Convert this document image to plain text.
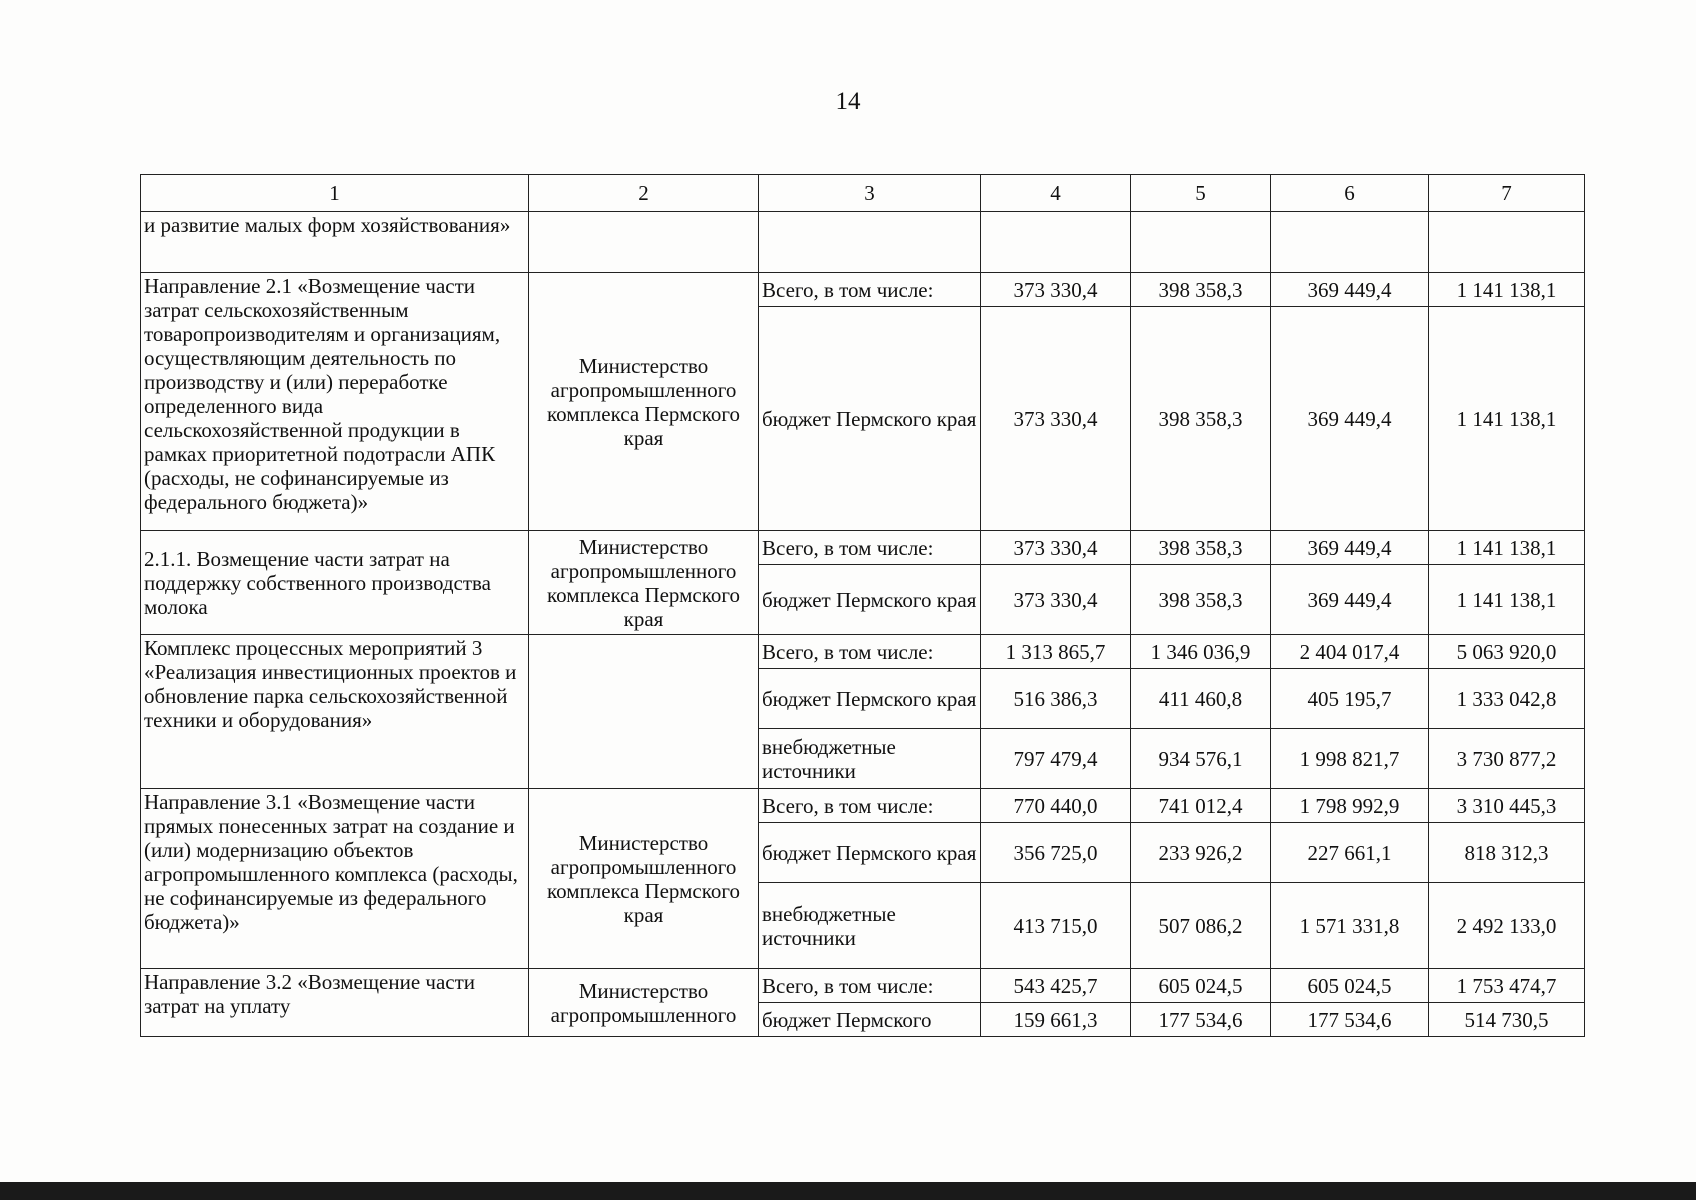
14
1	2	3	4	5	6	7
и развитие малых форм хозяйствования»						
Направление 2.1 «Возмещение части затрат сельскохозяйственным товаропроизводителям и организациям, осуществляющим деятельность по производству и (или) переработке определенного вида сельскохозяйственной продукции в рамках приоритетной подотрасли АПК (расходы, не софинансируемые из федерального бюджета)»	Министерство агропромышленного комплекса Пермского края	Всего, в том числе:	373 330,4	398 358,3	369 449,4	1 141 138,1
		бюджет Пермского края	373 330,4	398 358,3	369 449,4	1 141 138,1
2.1.1. Возмещение части затрат на поддержку собственного производства молока	Министерство агропромышленного комплекса Пермского края	Всего, в том числе:	373 330,4	398 358,3	369 449,4	1 141 138,1
		бюджет Пермского края	373 330,4	398 358,3	369 449,4	1 141 138,1
Комплекс процессных мероприятий 3 «Реализация инвестиционных проектов и обновление парка сельскохозяйственной техники и оборудования»		Всего, в том числе:	1 313 865,7	1 346 036,9	2 404 017,4	5 063 920,0
		бюджет Пермского края	516 386,3	411 460,8	405 195,7	1 333 042,8
		внебюджетные источники	797 479,4	934 576,1	1 998 821,7	3 730 877,2
Направление 3.1 «Возмещение части прямых понесенных затрат на создание и (или) модернизацию объектов агропромышленного комплекса (расходы, не софинансируемые из федерального бюджета)»	Министерство агропромышленного комплекса Пермского края	Всего, в том числе:	770 440,0	741 012,4	1 798 992,9	3 310 445,3
		бюджет Пермского края	356 725,0	233 926,2	227 661,1	818 312,3
		внебюджетные источники	413 715,0	507 086,2	1 571 331,8	2 492 133,0
Направление 3.2 «Возмещение части затрат на уплату	Министерство агропромышленного	Всего, в том числе:	543 425,7	605 024,5	605 024,5	1 753 474,7
		бюджет Пермского	159 661,3	177 534,6	177 534,6	514 730,5
